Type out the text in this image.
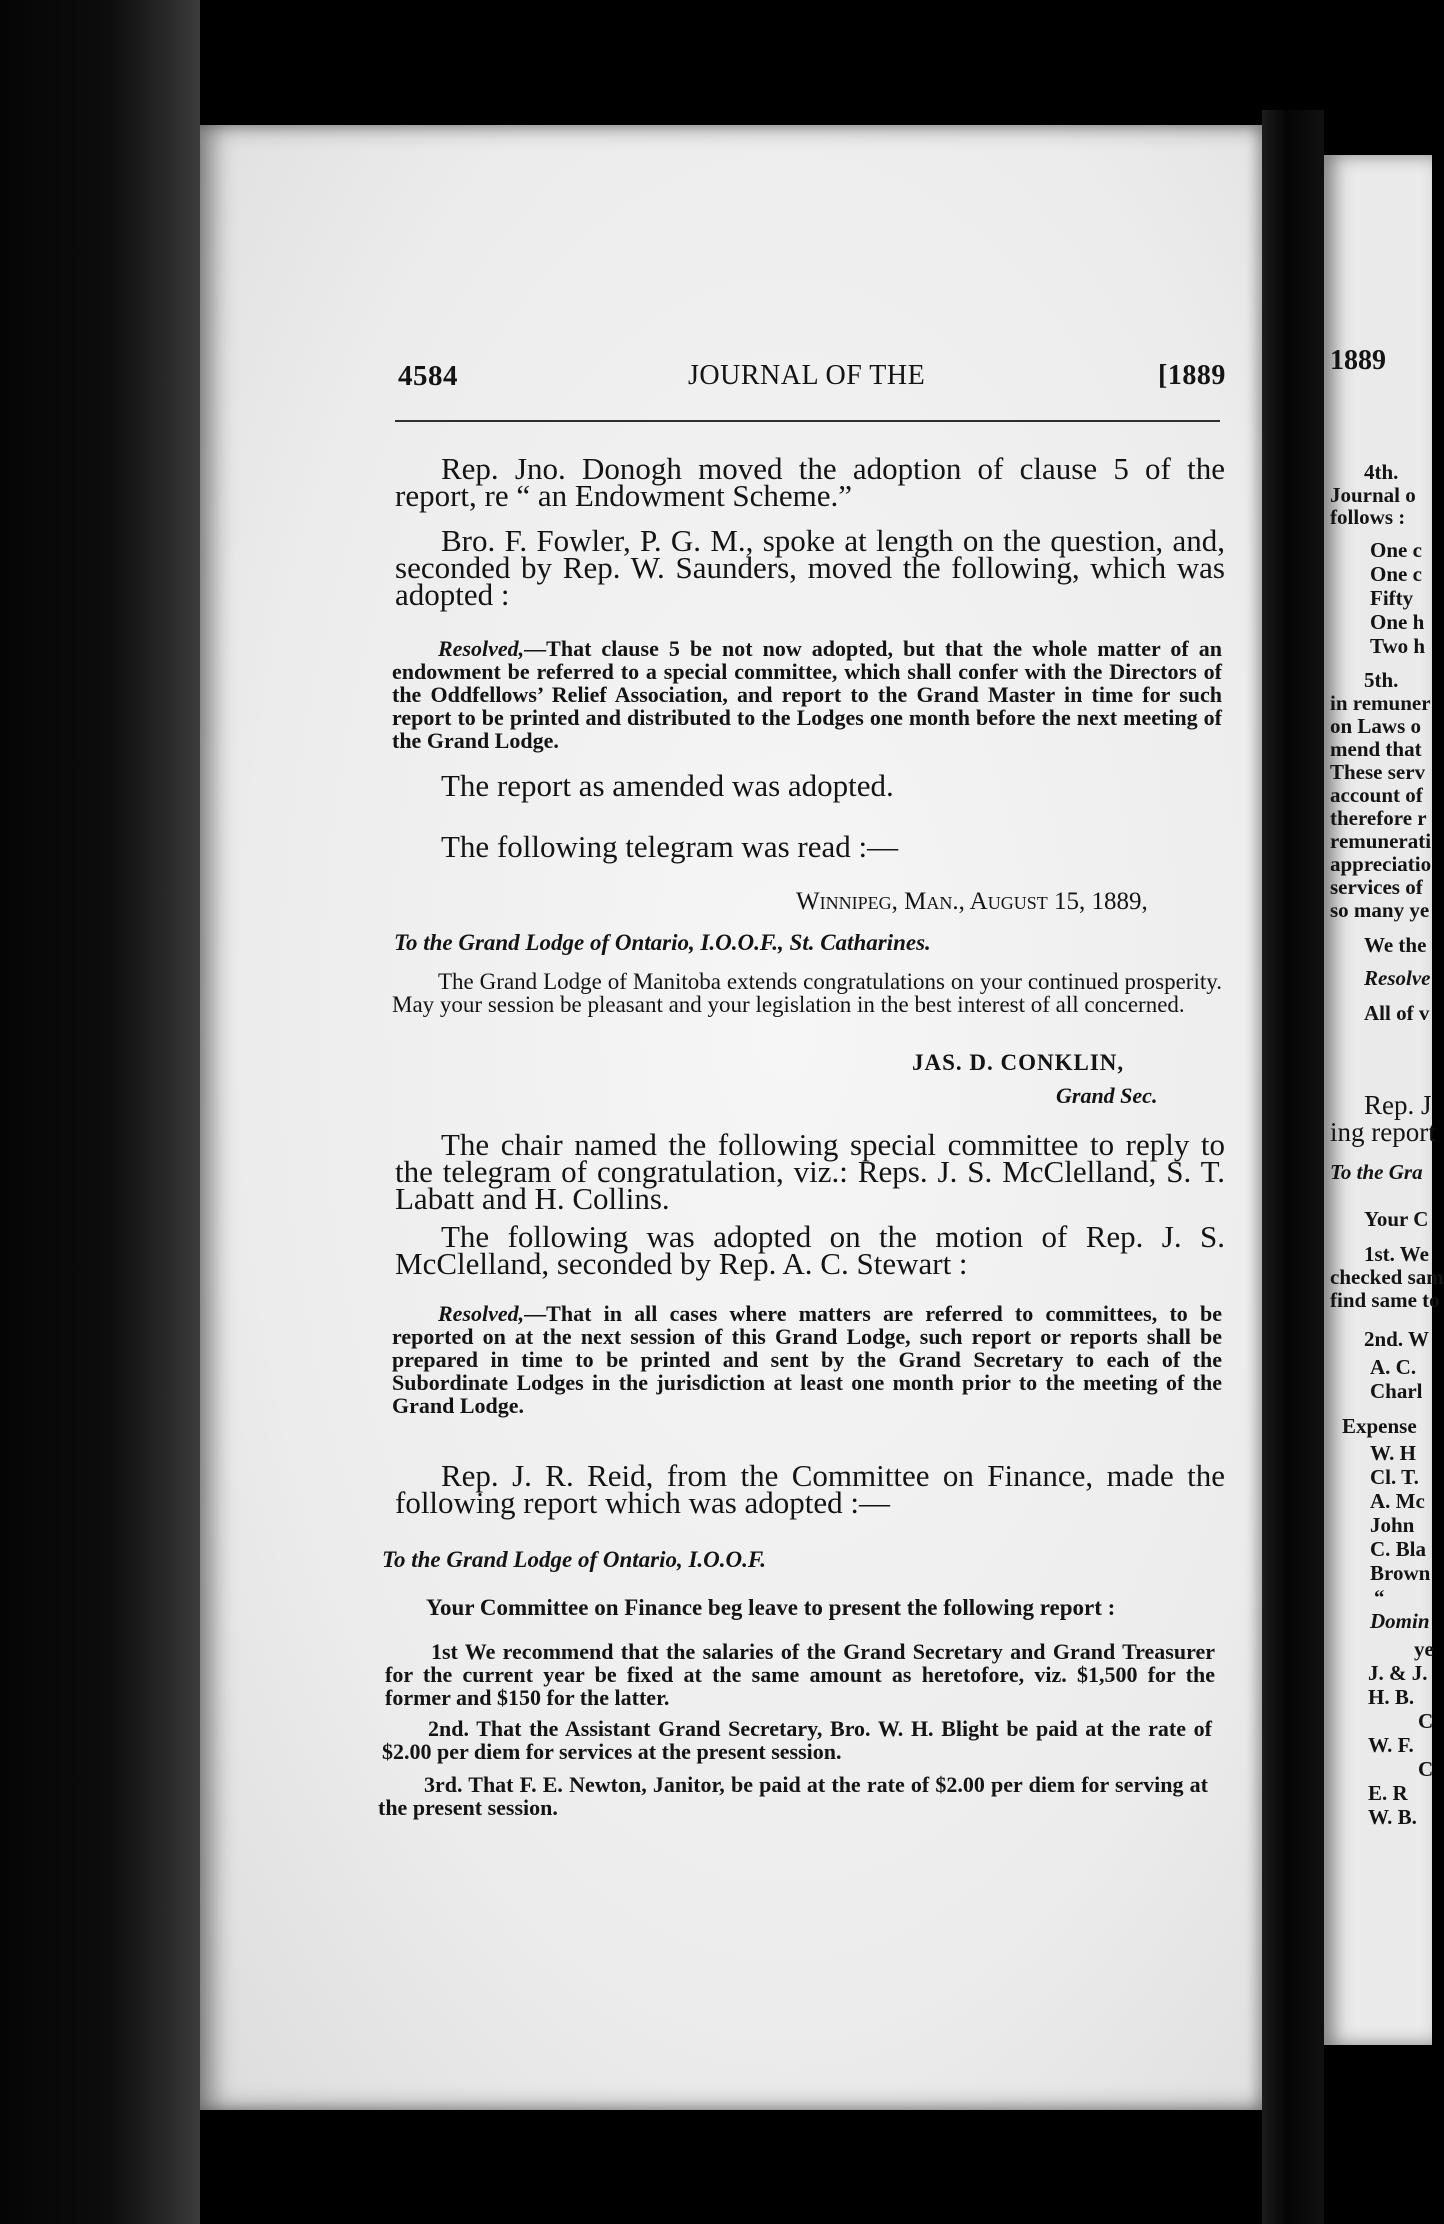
1889

4th.

Journal o

follows :

One c

One c

Fifty

One h

Two h

5th.

in remuner

on Laws o

mend that

These serv

account of

therefore r

remunerati

appreciatio

services of

so many ye

We the

Resolve

All of v

Rep. J

ing report

To the Gra

Your C

1st. We

checked sam

find same to

2nd. W

A. C.

Charl

Expense

W. H

Cl. T.

A. Mc

John

C. Bla

Brown

“

Domin

ye

J. & J.

H. B.

C

W. F.

C

E. R

W. B.

4584	JOURNAL OF THE	[1889

Rep. Jno. Donogh moved the adoption of clause 5 of the report, re “ an Endowment Scheme.”

Bro. F. Fowler, P. G. M., spoke at length on the question, and, seconded by Rep. W. Saunders, moved the following, which was adopted :

Resolved,—That clause 5 be not now adopted, but that the whole matter of an endowment be referred to a special committee, which shall confer with the Directors of the Oddfellows’ Relief Association, and report to the Grand Master in time for such report to be printed and distributed to the Lodges one month before the next meeting of the Grand Lodge.

The report as amended was adopted.

The following telegram was read :—

Winnipeg, Man., August 15, 1889,

To the Grand Lodge of Ontario, I.O.O.F., St. Catharines.

The Grand Lodge of Manitoba extends congratulations on your continued prosperity. May your session be pleasant and your legislation in the best interest of all concerned.

JAS. D. CONKLIN,

Grand Sec.

The chair named the following special committee to reply to the telegram of congratulation, viz.: Reps. J. S. McClelland, S. T. Labatt and H. Collins.

The following was adopted on the motion of Rep. J. S. McClelland, seconded by Rep. A. C. Stewart :

Resolved,—That in all cases where matters are referred to committees, to be reported on at the next session of this Grand Lodge, such report or reports shall be prepared in time to be printed and sent by the Grand Secretary to each of the Subordinate Lodges in the jurisdiction at least one month prior to the meeting of the Grand Lodge.

Rep. J. R. Reid, from the Committee on Finance, made the following report which was adopted :—

To the Grand Lodge of Ontario, I.O.O.F.

Your Committee on Finance beg leave to present the following report :

1st We recommend that the salaries of the Grand Secretary and Grand Treasurer for the current year be fixed at the same amount as heretofore, viz. $1,500 for the former and $150 for the latter.

2nd. That the Assistant Grand Secretary, Bro. W. H. Blight be paid at the rate of $2.00 per diem for services at the present session.

3rd. That F. E. Newton, Janitor, be paid at the rate of $2.00 per diem for serving at the present session.
